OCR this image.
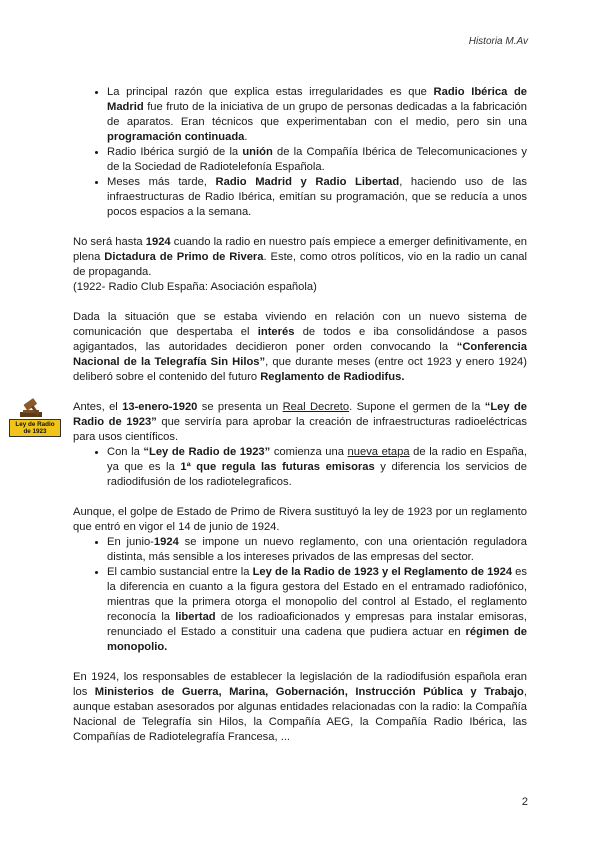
Historia M.Av
• La principal razón que explica estas irregularidades es que Radio Ibérica de Madrid fue fruto de la iniciativa de un grupo de personas dedicadas a la fabricación de aparatos. Eran técnicos que experimentaban con el medio, pero sin una programación continuada.
• Radio Ibérica surgió de la unión de la Compañía Ibérica de Telecomunicaciones y de la Sociedad de Radiotelefonía Española.
• Meses más tarde, Radio Madrid y Radio Libertad, haciendo uso de las infraestructuras de Radio Ibérica, emitían su programación, que se reducía a unos pocos espacios a la semana.

No será hasta 1924 cuando la radio en nuestro país empiece a emerger definitivamente, en plena Dictadura de Primo de Rivera. Este, como otros políticos, vio en la radio un canal de propaganda.

(1922- Radio Club España: Asociación española)

Dada la situación que se estaba viviendo en relación con un nuevo sistema de comunicación que despertaba el interés de todos e iba consolidándose a pasos agigantados, las autoridades decidieron poner orden convocando la “Conferencia Nacional de la Telegrafía Sin Hilos”, que durante meses (entre oct 1923 y enero 1924) deliberó sobre el contenido del futuro Reglamento de Radiodifus.

Ley de Radio de 1923

Antes, el 13-enero-1920 se presenta un Real Decreto. Supone el germen de la “Ley de Radio de 1923” que serviría para aprobar la creación de infraestructuras radioeléctricas para usos científicos.

• Con la “Ley de Radio de 1923” comienza una nueva etapa de la radio en España, ya que es la 1ª que regula las futuras emisoras y diferencia los servicios de radiodifusión de los radiotelegraficos.

Aunque, el golpe de Estado de Primo de Rivera sustituyó la ley de 1923 por un reglamento que entró en vigor el 14 de junio de 1924.

• En junio-1924 se impone un nuevo reglamento, con una orientación reguladora distinta, más sensible a los intereses privados de las empresas del sector.
• El cambio sustancial entre la Ley de la Radio de 1923 y el Reglamento de 1924 es la diferencia en cuanto a la figura gestora del Estado en el entramado radiofónico, mientras que la primera otorga el monopolio del control al Estado, el reglamento reconocía la libertad de los radioaficionados y empresas para instalar emisoras, renunciado el Estado a constituir una cadena que pudiera actuar en régimen de monopolio.

En 1924, los responsables de establecer la legislación de la radiodifusión española eran los Ministerios de Guerra, Marina, Gobernación, Instrucción Pública y Trabajo, aunque estaban asesorados por algunas entidades relacionadas con la radio: la Compañía Nacional de Telegrafía sin Hilos, la Compañía AEG, la Compañía Radio Ibérica, las Compañías de Radiotelegrafía Francesa, ...

2
